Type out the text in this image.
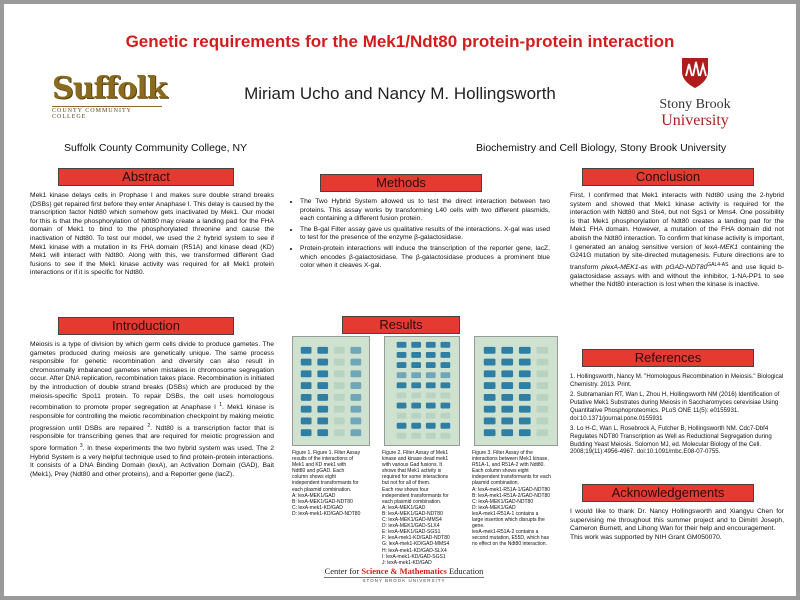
Genetic requirements for the Mek1/Ndt80 protein-protein interaction
Suffolk
COUNTY COMMUNITY COLLEGE
Miriam Ucho and Nancy M. Hollingsworth
Stony Brook
University
Suffolk County Community College, NY	Biochemistry and Cell Biology, Stony Brook University
Abstract
Mek1 kinase delays cells in Prophase I and makes sure double strand breaks (DSBs) get repaired first before they enter Anaphase I. This delay is caused by the transcription factor Ndt80 which somehow gets inactivated by Mek1. Our model for this is that the phosphorylation of Ndt80 may create a landing pad for the FHA domain of Mek1 to bind to the phosphorylated threonine and cause the inactivation of Ndt80. To test our model, we used the 2 hybrid system to see if Mek1 kinase with a mutation in its FHA domain (R51A) and kinase dead (KD) Mek1 will interact with Ndt80. Along with this, we transformed different Gad fusions to see if the Mek1 kinase activity was required for all Mek1 protein interactions or if it is specific for Ndt80.
Introduction
Meiosis is a type of division by which germ cells divide to produce gametes. The gametes produced during meiosis are genetically unique. The same process responsible for genetic recombination and diversity can also result in chromosomally imbalanced gametes when mistakes in chromosome segregation occur. After DNA replication, recombination takes place. Recombination is initiated by the introduction of double strand breaks (DSBs) which are produced by the meiosis-specific Spo11 protein. To repair DSBs, the cell uses homologous recombination to promote proper segregation at Anaphase I $^1$. Mek1 kinase is responsible for controlling the meiotic recombination checkpoint by making meiotic progression until DSBs are repaired $^2$. Ndt80 is a transcription factor that is responsible for transcribing genes that are required for meiotic progression and spore formation $^3$. In these experiments the two hybrid system was used. The 2 Hybrid System is a very helpful technique used to find protein-protein interactions. It consists of a DNA Binding Domain (lexA), an Activation Domain (GAD), Bait (Mek1), Prey (Ndt80 and other proteins), and a Reporter gene (lacZ).
Methods
• The Two Hybrid System allowed us to test the direct interaction between two proteins. This assay works by transforming L40 cells with two different plasmids, each containing a different fusion protein.
• The B-gal Filter assay gave us qualitative results of the interactions. X-gal was used to test for the presence of the enzyme β-galactosidase.
• Protein-protein interactions will induce the transcription of the reporter gene, lacZ, which encodes β-galactosidase. The β-galactosidase produces a prominent blue color when it cleaves X-gal.
Results
Figure 1. Figure 1. Filter Assay
results of the interactions of
Mek1 and KD mek1 with
Ndt80 and pGAD. Each
column shows eight
independent transformants for
each plasmid combination.
A: lexA-MEK1/GAD
B: lexA-MEK1/GAD-NDT80
C: lexA-mek1-KD/GAD
D: lexA-mek1-KD/GAD-NDT80
Figure 2. Filter Assay of Mek1
kinase and kinase dead mek1
with various Gad fusions. It
shows that Mek1 activity is
required for some interactions
but not for all of them.
Each row shows four
independent transformants for
each plasmid combination.
A: lexA-MEK1/GAD
B: lexA-MEK1/GAD-NDT80
C: lexA-MEK1/GAD-MMS4
D: lexA-MEK1/GAD-SLX4
E: lexA-MEK1/GAD-SGS1
F: lexA-mek1-KD/GAD-NDT80
G: lexA-mek1-KD/GAD-MMS4
H: lexA-mek1-KD/GAD-SLX4
I: lexA-mek1-KD/GAD-SGS1
J: lexA-mek1-KD/GAD
Figure 3. Filter Assay of the
interactions between Mek1 kinase,
R51A-1, and R51A-2 with Ndt80.
Each column shows eight
independent transformants for each
plasmid combination.
A: lexA-mek1-R51A-1/GAD-NDT80
B: lexA-mek1-R51A-2/GAD-NDT80
C: lexA-MEK1/GAD-NDT80
D: lexA-MEK1/GAD
lexA-mek1-R51A-1 contains a
large insertion which disrupts the
gene.
lexA-mek1-R51A-2 contains a
second mutation, E55D, which has
no effect on the Ndt80 interaction.
Center for Science & Mathematics Education
STONY BROOK UNIVERSITY
Conclusion
First, I confirmed that Mek1 interacts with Ndt80 using the 2-hybrid system and showed that Mek1 kinase activity is required for the interaction with Ndt80 and Slx4, but not Sgs1 or Mms4. One possibility is that Mek1 phosphorylation of Ndt80 creates a landing pad for the Mek1 FHA domain. However, a mutation of the FHA domain did not abolish the Ndt80 interaction. To confirm that kinase activity is important, I generated an analog sensitive version of lexA-MEK1 containing the G241G mutation by site-directed mutagenesis. Future directions are to transform plexA-MEK1-as with pGAD-$NDT80^{GAL4-AS}$ and use liquid b-galactosidase assays with and without the inhibitor, 1-NA-PP1 to see whether the Ndt80 interaction is lost when the kinase is inactive.
References

1. Hollingsworth, Nancy M. "Homologous Recombination in Meiosis." Biological Chemistry. 2013. Print.

2. Subramanian RT, Wan L, Zhou H, Hollingsworth NM (2016) Identification of Putative Mek1 Substrates during Meiosis in Saccharomyces cerevisiae Using Quantitative Phosphoproteomics. PLoS ONE 11(5): e0155931. doi:10.1371/journal.pone.0155931

3. Lo H-C, Wan L, Rosebrock A, Futcher B, Hollingsworth NM. Cdc7-Dbf4 Regulates NDT80 Transcription as Well as Reductional Segregation during Budding Yeast Meiosis. Solomon MJ, ed. Molecular Biology of the Cell. 2008;19(11):4956-4967. doi:10.1091/mbc.E08-07-0755.

Acknowledgements
I would like to thank Dr. Nancy Hollingsworth and Xiangyu Chen for supervising me throughout this summer project and to Dimitri Joseph, Cameron Burnett, and Lihong Wan for their help and encouragement.
This work was supported by NIH Grant GM050070.
